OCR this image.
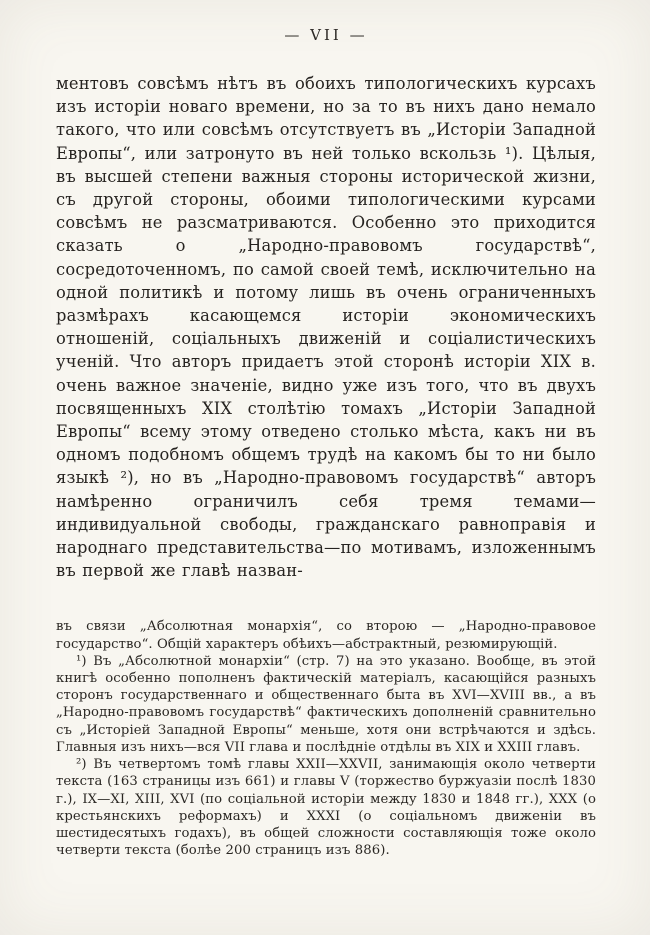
— VII —

ментовъ совсѣмъ нѣтъ въ обоихъ типологическихъ курсахъ изъ исторіи новаго времени, но за то въ нихъ дано немало такого, что или совсѣмъ отсутствуетъ въ „Исторіи Западной Европы“, или затронуто въ ней только вскользь ¹). Цѣлыя, въ высшей степени важныя стороны исторической жизни, съ другой стороны, обоими типологическими курсами совсѣмъ не разсматриваются. Особенно это приходится сказать о „Народно-правовомъ государствѣ“, сосредоточенномъ, по самой своей темѣ, исключительно на одной политикѣ и потому лишь въ очень ограниченныхъ размѣрахъ касающемся исторіи экономическихъ отношеній, соціальныхъ движеній и соціалистическихъ ученій. Что авторъ придаетъ этой сторонѣ исторіи XIX в. очень важное значеніе, видно уже изъ того, что въ двухъ посвященныхъ XIX столѣтію томахъ „Исторіи Западной Европы“ всему этому отведено столько мѣста, какъ ни въ одномъ подобномъ общемъ трудѣ на какомъ бы то ни было языкѣ ²), но въ „Народно-правовомъ государствѣ“ авторъ намѣренно ограничилъ себя тремя темами—индивидуальной свободы, гражданскаго равноправія и народнаго представительства—по мотивамъ, изложеннымъ въ первой же главѣ назван-

въ связи „Абсолютная монархія“, со второю — „Народно-правовое государство“. Общій характеръ обѣихъ—абстрактный, резюмирующій.

¹) Въ „Абсолютной монархіи“ (стр. 7) на это указано. Вообще, въ этой книгѣ особенно пополненъ фактическій матеріалъ, касающійся разныхъ сторонъ государственнаго и общественнаго быта въ XVI—XVIII вв., а въ „Народно-правовомъ государствѣ“ фактическихъ дополненій сравнительно съ „Исторіей Западной Европы“ меньше, хотя они встрѣчаются и здѣсь. Главныя изъ нихъ—вся VII глава и послѣдніе отдѣлы въ XIX и XXIII главъ.

²) Въ четвертомъ томѣ главы XXII—XXVII, занимающія около четверти текста (163 страницы изъ 661) и главы V (торжество буржуазіи послѣ 1830 г.), IX—XI, XIII, XVI (по соціальной исторіи между 1830 и 1848 гг.), XXX (о крестьянскихъ реформахъ) и XXXI (о соціальномъ движеніи въ шестидесятыхъ годахъ), въ общей сложности составляющія тоже около четверти текста (болѣе 200 страницъ изъ 886).
